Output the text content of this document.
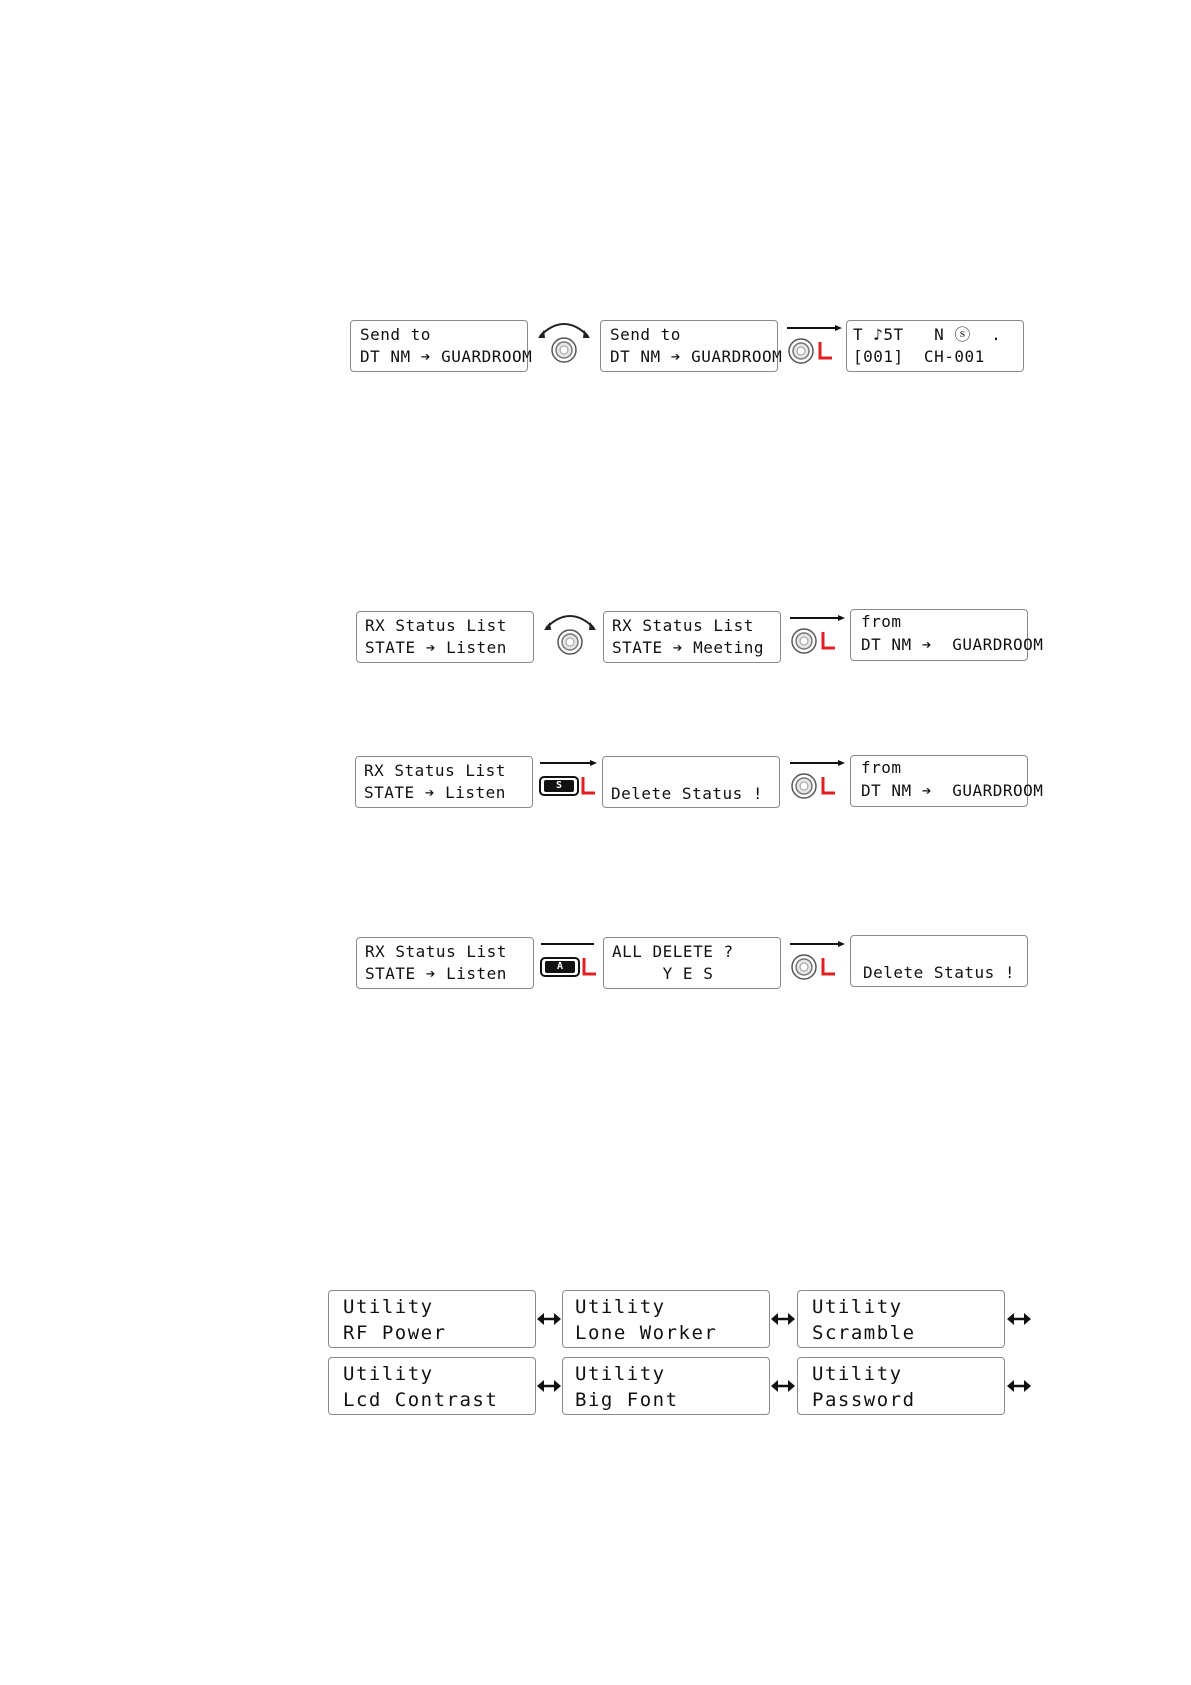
Send to
DT NM ➔ GUARDROOM
Send to
DT NM ➔ GUARDROOM
T ♪5T   N ⓢ  .
[001]  CH-001
RX Status List
STATE ➔ Listen
RX Status List
STATE ➔ Meeting
from
DT NM ➔  GUARDROOM
RX Status List
STATE ➔ Listen	S	Delete Status !
from
DT NM ➔  GUARDROOM
RX Status List
STATE ➔ Listen	A
ALL DELETE ?
Y E S	Delete Status !
Utility
RF Power
Utility
Lone Worker
Utility
Scramble
Utility
Lcd Contrast
Utility
Big Font
Utility
Password
